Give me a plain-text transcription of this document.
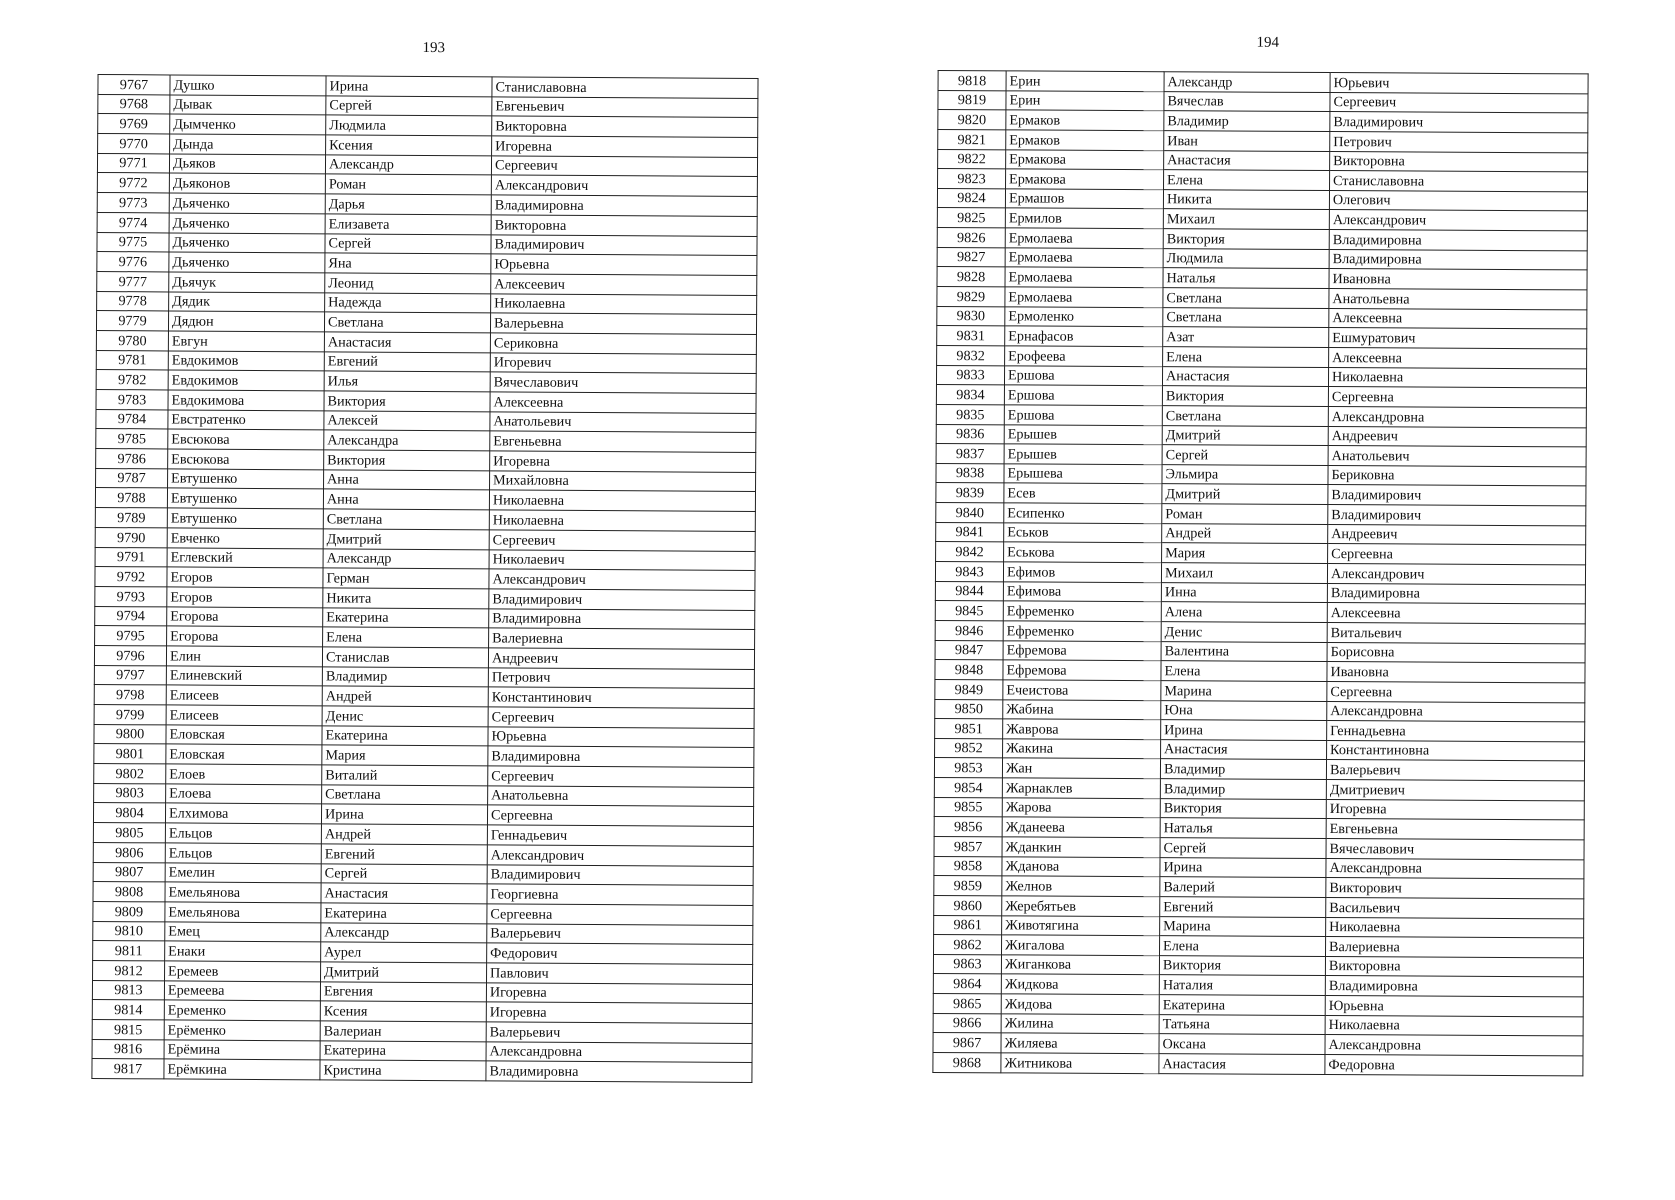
193
9767	Душко	Ирина	Станиславовна
9768	Дывак	Сергей	Евгеньевич
9769	Дымченко	Людмила	Викторовна
9770	Дында	Ксения	Игоревна
9771	Дьяков	Александр	Сергеевич
9772	Дьяконов	Роман	Александрович
9773	Дьяченко	Дарья	Владимировна
9774	Дьяченко	Елизавета	Викторовна
9775	Дьяченко	Сергей	Владимирович
9776	Дьяченко	Яна	Юрьевна
9777	Дьячук	Леонид	Алексеевич
9778	Дядик	Надежда	Николаевна
9779	Дядюн	Светлана	Валерьевна
9780	Евгун	Анастасия	Сериковна
9781	Евдокимов	Евгений	Игоревич
9782	Евдокимов	Илья	Вячеславович
9783	Евдокимова	Виктория	Алексеевна
9784	Евстратенко	Алексей	Анатольевич
9785	Евсюкова	Александра	Евгеньевна
9786	Евсюкова	Виктория	Игоревна
9787	Евтушенко	Анна	Михайловна
9788	Евтушенко	Анна	Николаевна
9789	Евтушенко	Светлана	Николаевна
9790	Евченко	Дмитрий	Сергеевич
9791	Еглевский	Александр	Николаевич
9792	Егоров	Герман	Александрович
9793	Егоров	Никита	Владимирович
9794	Егорова	Екатерина	Владимировна
9795	Егорова	Елена	Валериевна
9796	Елин	Станислав	Андреевич
9797	Елиневский	Владимир	Петрович
9798	Елисеев	Андрей	Константинович
9799	Елисеев	Денис	Сергеевич
9800	Еловская	Екатерина	Юрьевна
9801	Еловская	Мария	Владимировна
9802	Елоев	Виталий	Сергеевич
9803	Елоева	Светлана	Анатольевна
9804	Елхимова	Ирина	Сергеевна
9805	Ельцов	Андрей	Геннадьевич
9806	Ельцов	Евгений	Александрович
9807	Емелин	Сергей	Владимирович
9808	Емельянова	Анастасия	Георгиевна
9809	Емельянова	Екатерина	Сергеевна
9810	Емец	Александр	Валерьевич
9811	Енаки	Аурел	Федорович
9812	Еремеев	Дмитрий	Павлович
9813	Еремеева	Евгения	Игоревна
9814	Еременко	Ксения	Игоревна
9815	Ерёменко	Валериан	Валерьевич
9816	Ерёмина	Екатерина	Александровна
9817	Ерёмкина	Кристина	Владимировна
194
9818	Ерин	Александр	Юрьевич
9819	Ерин	Вячеслав	Сергеевич
9820	Ермаков	Владимир	Владимирович
9821	Ермаков	Иван	Петрович
9822	Ермакова	Анастасия	Викторовна
9823	Ермакова	Елена	Станиславовна
9824	Ермашов	Никита	Олегович
9825	Ермилов	Михаил	Александрович
9826	Ермолаева	Виктория	Владимировна
9827	Ермолаева	Людмила	Владимировна
9828	Ермолаева	Наталья	Ивановна
9829	Ермолаева	Светлана	Анатольевна
9830	Ермоленко	Светлана	Алексеевна
9831	Ернафасов	Азат	Ешмуратович
9832	Ерофеева	Елена	Алексеевна
9833	Ершова	Анастасия	Николаевна
9834	Ершова	Виктория	Сергеевна
9835	Ершова	Светлана	Александровна
9836	Ерышев	Дмитрий	Андреевич
9837	Ерышев	Сергей	Анатольевич
9838	Ерышева	Эльмира	Бериковна
9839	Есев	Дмитрий	Владимирович
9840	Есипенко	Роман	Владимирович
9841	Еськов	Андрей	Андреевич
9842	Еськова	Мария	Сергеевна
9843	Ефимов	Михаил	Александрович
9844	Ефимова	Инна	Владимировна
9845	Ефременко	Алена	Алексеевна
9846	Ефременко	Денис	Витальевич
9847	Ефремова	Валентина	Борисовна
9848	Ефремова	Елена	Ивановна
9849	Ечеистова	Марина	Сергеевна
9850	Жабина	Юна	Александровна
9851	Жаврова	Ирина	Геннадьевна
9852	Жакина	Анастасия	Константиновна
9853	Жан	Владимир	Валерьевич
9854	Жарнаклев	Владимир	Дмитриевич
9855	Жарова	Виктория	Игоревна
9856	Жданеева	Наталья	Евгеньевна
9857	Жданкин	Сергей	Вячеславович
9858	Жданова	Ирина	Александровна
9859	Желнов	Валерий	Викторович
9860	Жеребятьев	Евгений	Васильевич
9861	Животягина	Марина	Николаевна
9862	Жигалова	Елена	Валериевна
9863	Жиганкова	Виктория	Викторовна
9864	Жидкова	Наталия	Владимировна
9865	Жидова	Екатерина	Юрьевна
9866	Жилина	Татьяна	Николаевна
9867	Жиляева	Оксана	Александровна
9868	Житникова	Анастасия	Федоровна
